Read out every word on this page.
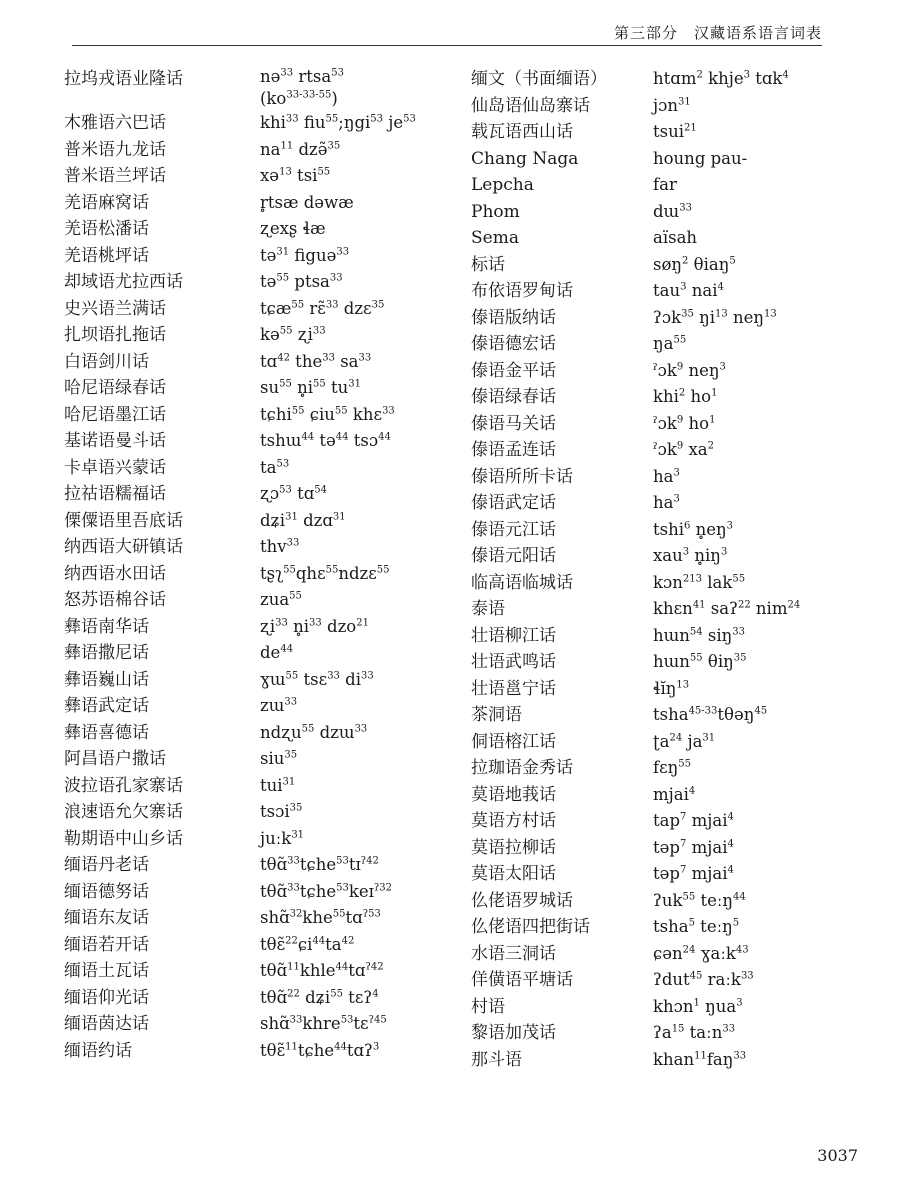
第三部分　汉藏语系语言词表
拉坞戎语业隆话	nə$^{33}$ rtsa$^{53}$
$(ko^{33-33-55})$
木雅语六巴话	khi$^{33}$ fiu$^{55}$;ŋgi$^{53}$ $je^{53}$
普米语九龙话	$na^{11}$ dzə̃$^{35}$
普米语兰坪话	xə$^{13}$ tsi$^{55}$
羌语麻窝话	r̥tsæ dəwæ
羌语松潘话	ʐexʂ ɬæ
羌语桃坪话	tə$^{31}$ figuə$^{33}$
却域语尤拉西话	tə$^{55}$ ptsa$^{33}$
史兴语兰满话	tɕæ$^{55}$ rɛ̃$^{33}$ dzɛ$^{35}$
扎坝语扎拖话	kə$^{55}$ ʐi$^{33}$
白语剑川话	tɑ$^{42}$ the$^{33}$ $sa^{33}$
哈尼语绿春话	$su^{55}$ $n̥i^{55}$ $tu^{31}$
哈尼语墨江话	tɕhi$^{55}$ ɕiu$^{55}$ khɛ$^{33}$
基诺语曼斗话	tshɯ$^{44}$ tə$^{44}$ tsɔ$^{44}$
卡卓语兴蒙话	$ta^{53}$
拉祜语糯福话	ʐɔ$^{53}$ tɑ$^{54}$
傈僳语里吾底话	dʑi$^{31}$ dzɑ$^{31}$
纳西语大研镇话	thv$^{33}$
纳西语水田话	tʂʅ$^{55}$qhɛ$^{55}$ndzɛ$^{55}$
怒苏语棉谷话	zua$^{55}$
彝语南华话	ʐi$^{33}$ $n̥i^{33}$ dzo$^{21}$
彝语撒尼话	$de^{44}$
彝语巍山话	ɣɯ$^{55}$ tsɛ$^{33}$ $di^{33}$
彝语武定话	zɯ$^{33}$
彝语喜德话	ndʐu$^{55}$ dzɯ$^{33}$
阿昌语户撒话	siu$^{35}$
波拉语孔家寨话	tui$^{31}$
浪速语允欠寨话	tsɔi$^{35}$
勒期语中山乡话	juːk$^{31}$
缅语丹老话	tθɑ̃$^{33}$tɕhe$^{53}$tɪ$^{ʔ42}$
缅语德努话	tθɑ̃$^{33}$tɕhe$^{53}$keɪ$^{ʔ32}$
缅语东友话	shɑ̃$^{32}$khe$^{55}$tɑ$^{ʔ53}$
缅语若开话	$t\theta ɛ̃^{22}ɕi^{44}ta^{42}$
缅语土瓦话	tθɑ̃$^{11}$khle$^{44}$tɑ$^{ʔ42}$
缅语仰光话	tθɑ̃$^{22}$ dʑi$^{55}$ tɛʔ$^4$
缅语茵达话	shɑ̃$^{33}$khre$^{53}$tɛ$^{ʔ45}$
缅语约话	tθɛ̃$^{11}$tɕhe$^{44}$tɑʔ$^3$
缅文（书面缅语）	htɑm$^2$ khje$^3$ tɑk$^4$
仙岛语仙岛寨话	jɔn$^{31}$
载瓦语西山话	tsui$^{21}$
Chang Naga	houng pau-
Lepcha	far
Phom	dɯ$^{33}$
Sema	aïsah
标话	søŋ$^2$ θiaŋ$^5$
布依语罗甸话	tau$^3$ nai$^4$
傣语版纳话	ʔɔk$^{35}$ $ŋi^{13}$ neŋ$^{13}$
傣语德宏话	$ŋa^{55}$
傣语金平话	ˀɔk$^9$ neŋ$^3$
傣语绿春话	khi$^2$ $ho^1$
傣语马关话	ˀɔk$^9$ $ho^1$
傣语孟连话	ˀɔk$^9$ $xa^2$
傣语所所卡话	$ha^3$
傣语武定话	$ha^3$
傣语元江话	tshi$^6$ $n̥eŋ^3$
傣语元阳话	xau$^3$ $n̥iŋ^3$
临高语临城话	kɔn$^{213}$ lak$^{55}$
泰语	khɛn$^{41}$ saʔ$^{22}$ nim$^{24}$
壮语柳江话	hɯn$^{54}$ siŋ$^{33}$
壮语武鸣话	hɯn$^{55}$ θiŋ$^{35}$
壮语邕宁话	ɬĭŋ$^{13}$
茶洞语	tsha$^{45-33}$tθəŋ$^{45}$
侗语榕江话	ʈa$^{24}$ $ja^{31}$
拉珈语金秀话	fɛŋ$^{55}$
莫语地莪话	mjai$^4$
莫语方村话	tap$^7$ mjai$^4$
莫语拉柳话	təp$^7$ mjai$^4$
莫语太阳话	təp$^7$ mjai$^4$
仫佬语罗城话	ʔuk$^{55}$ teːŋ$^{44}$
仫佬语四把街话	tsha$^5$ teːŋ$^5$
水语三洞话	ɕən$^{24}$ ɣaːk$^{43}$
佯僙语平塘话	ʔdut$^{45}$ raːk$^{33}$
村语	khɔn$^1$ ŋua$^3$
黎语加茂话	ʔa$^{15}$ taːn$^{33}$
那斗语	khan$^{11}$faŋ$^{33}$
3037
